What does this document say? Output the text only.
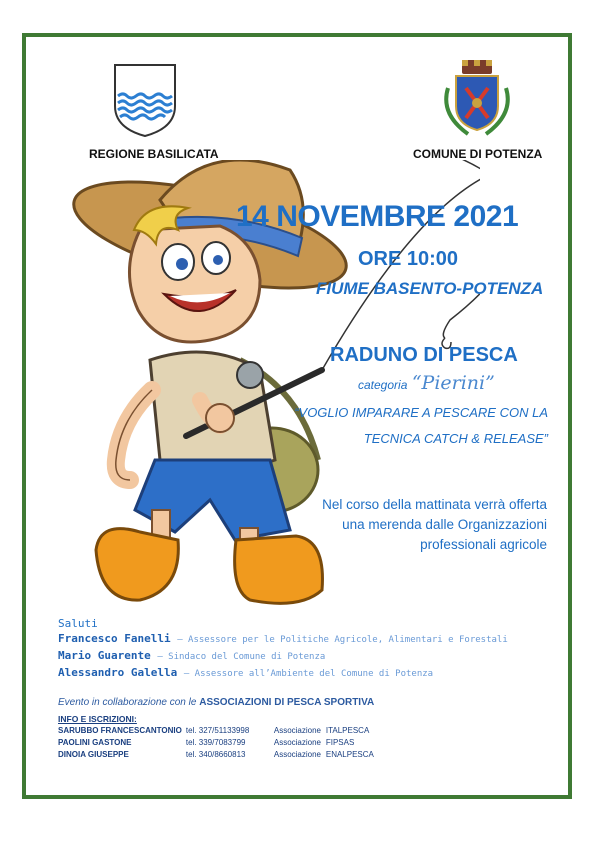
REGIONE BASILICATA	COMUNE DI POTENZA
14 NOVEMBRE 2021
ORE 10:00
FIUME BASENTO-POTENZA
RADUNO DI PESCA
categoria “Pierini”
“VOGLIO IMPARARE A PESCARE CON LA
TECNICA CATCH & RELEASE”
Nel corso della mattinata verrà offerta
una merenda dalle Organizzazioni
professionali agricole
Saluti
Francesco Fanelli – Assessore per le Politiche Agricole, Alimentari e Forestali
Mario Guarente – Sindaco del Comune di Potenza
Alessandro Galella – Assessore all’Ambiente del Comune di Potenza
Evento in collaborazione con le ASSOCIAZIONI DI PESCA SPORTIVA
INFO E ISCRIZIONI:
SARUBBO FRANCESCANTONIO	tel. 327/51133998	Associazione	ITALPESCA
PAOLINI GASTONE	tel. 339/7083799	Associazione	FIPSAS
DINOIA GIUSEPPE	tel. 340/8660813	Associazione	ENALPESCA
